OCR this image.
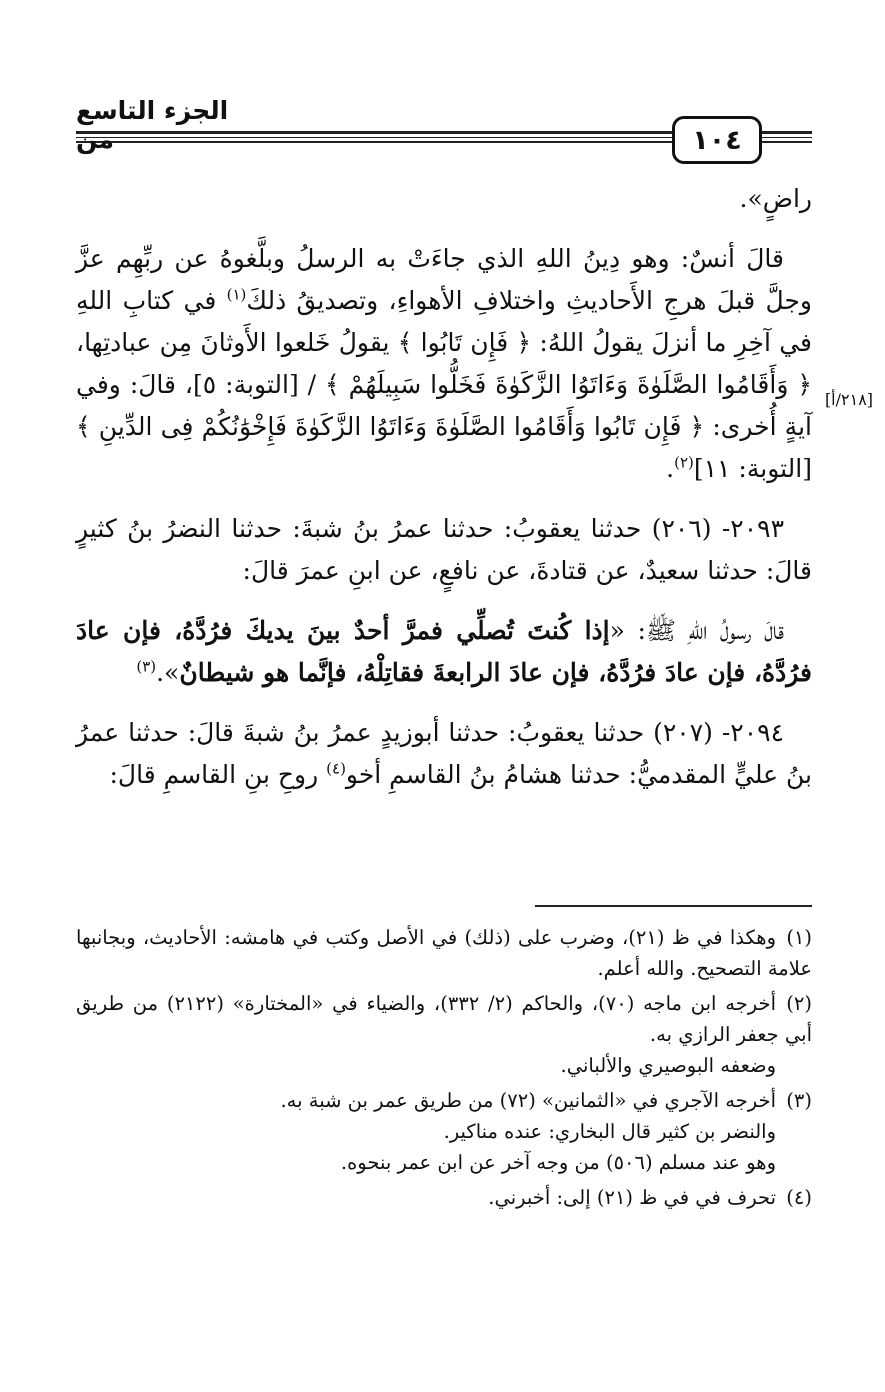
الجزء التاسع من	١٠٤
[٢١٨/أ]

راضٍ».

قالَ أنسٌ: وهو دِينُ اللهِ الذي جاءَتْ به الرسلُ وبلَّغوهُ عن ربِّهِم عزَّ وجلَّ قبلَ هرجِ الأَحاديثِ واختلافِ الأهواءِ، وتصديقُ ذلكَ$^{(١)}$ في كتابِ اللهِ في آخِرِ ما أنزلَ يقولُ اللهُ: ﴿ فَإِن تَابُوا ﴾ يقولُ خَلعوا الأَوثانَ مِن عبادتِها، ﴿ وَأَقَامُوا الصَّلَوٰةَ وَءَاتَوُا الزَّكَوٰةَ فَخَلُّوا سَبِيلَهُمْ ﴾ / [التوبة: ٥]، قالَ: وفي آيةٍ أُخرى: ﴿ فَإِن تَابُوا وَأَقَامُوا الصَّلَوٰةَ وَءَاتَوُا الزَّكَوٰةَ فَإِخْوَٰنُكُمْ فِى الدِّينِ ﴾ [التوبة: ١١]$^{(٢)}$.

٢٠٩٣- (٢٠٦) حدثنا يعقوبُ: حدثنا عمرُ بنُ شبةَ: حدثنا النضرُ بنُ كثيرٍ قالَ: حدثنا سعيدٌ، عن قتادةَ، عن نافعٍ، عن ابنِ عمرَ قالَ:

قالَ رسولُ اللهِ ﷺ: «إذا كُنتَ تُصلِّي فمرَّ أحدٌ بينَ يديكَ فرُدَّهُ، فإن عادَ فرُدَّهُ، فإن عادَ فرُدَّهُ، فإن عادَ الرابعةَ فقاتِلْهُ، فإنَّما هو شيطانٌ».$^{(٣)}$

٢٠٩٤- (٢٠٧) حدثنا يعقوبُ: حدثنا أبوزيدٍ عمرُ بنُ شبةَ قالَ: حدثنا عمرُ بنُ عليٍّ المقدميُّ: حدثنا هشامُ بنُ القاسمِ أخو$^{(٤)}$ روحِ بنِ القاسمِ قالَ:

(١)وهكذا في ظ (٢١)، وضرب على (ذلك) في الأصل وكتب في هامشه: الأحاديث، وبجانبها علامة التصحيح. والله أعلم.
(٢)أخرجه ابن ماجه (٧٠)، والحاكم (٢/ ٣٣٢)، والضياء في «المختارة» (٢١٢٢) من طريق أبي جعفر الرازي به.
وضعفه البوصيري والألباني.
(٣)أخرجه الآجري في «الثمانين» (٧٢) من طريق عمر بن شبة به.
والنضر بن كثير قال البخاري: عنده مناكير.
وهو عند مسلم (٥٠٦) من وجه آخر عن ابن عمر بنحوه.
(٤)تحرف في في ظ (٢١) إلى: أخبرني.
